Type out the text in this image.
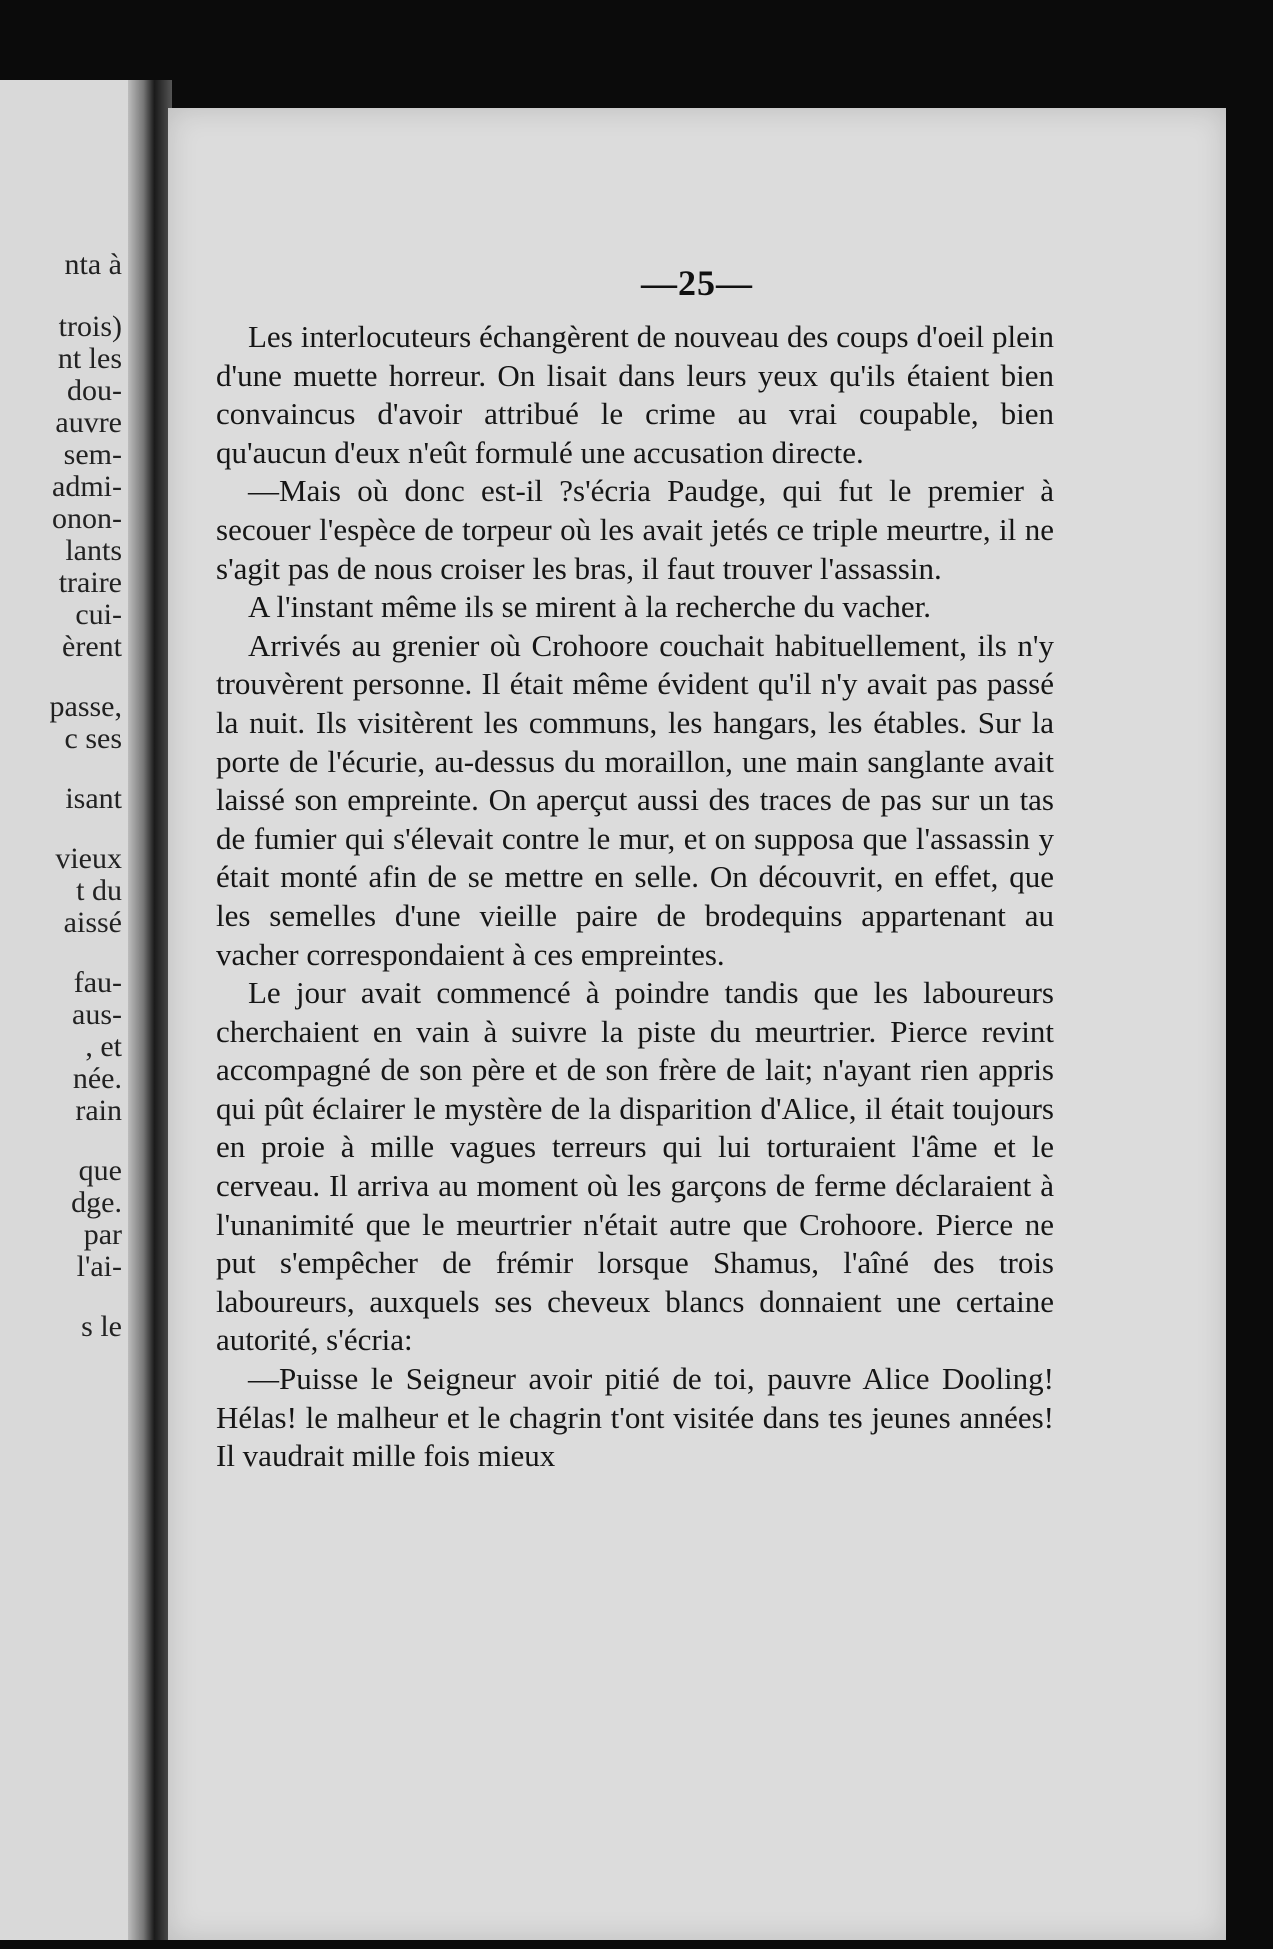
nta à
trois)
nt les
dou-
auvre
sem-
admi-
onon-
lants
traire
cui-
èrent
passe,
c ses
isant
vieux
t du
aissé
fau-
aus-
, et
née.
rain
que
dge.
par
l'ai-
s le
—25—

Les interlocuteurs échangèrent de nouveau des coups d'oeil plein d'une muette horreur. On lisait dans leurs yeux qu'ils étaient bien convaincus d'avoir attribué le crime au vrai coupable, bien qu'aucun d'eux n'eût formulé une accusation directe.

—Mais où donc est-il ?s'écria Paudge, qui fut le premier à secouer l'espèce de torpeur où les avait jetés ce triple meurtre, il ne s'agit pas de nous croiser les bras, il faut trouver l'assassin.

A l'instant même ils se mirent à la recherche du vacher.

Arrivés au grenier où Crohoore couchait habituellement, ils n'y trouvèrent personne. Il était même évident qu'il n'y avait pas passé la nuit. Ils visitèrent les communs, les hangars, les étables. Sur la porte de l'écurie, au-dessus du moraillon, une main sanglante avait laissé son empreinte. On aperçut aussi des traces de pas sur un tas de fumier qui s'élevait contre le mur, et on supposa que l'assassin y était monté afin de se mettre en selle. On découvrit, en effet, que les semelles d'une vieille paire de brodequins appartenant au vacher correspondaient à ces empreintes.

Le jour avait commencé à poindre tandis que les laboureurs cherchaient en vain à suivre la piste du meurtrier. Pierce revint accompagné de son père et de son frère de lait; n'ayant rien appris qui pût éclairer le mystère de la disparition d'Alice, il était toujours en proie à mille vagues terreurs qui lui torturaient l'âme et le cerveau. Il arriva au moment où les garçons de ferme déclaraient à l'unanimité que le meurtrier n'était autre que Crohoore. Pierce ne put s'empêcher de frémir lorsque Shamus, l'aîné des trois laboureurs, auxquels ses cheveux blancs donnaient une certaine autorité, s'écria:

—Puisse le Seigneur avoir pitié de toi, pauvre Alice Dooling! Hélas! le malheur et le chagrin t'ont visitée dans tes jeunes années! Il vaudrait mille fois mieux
